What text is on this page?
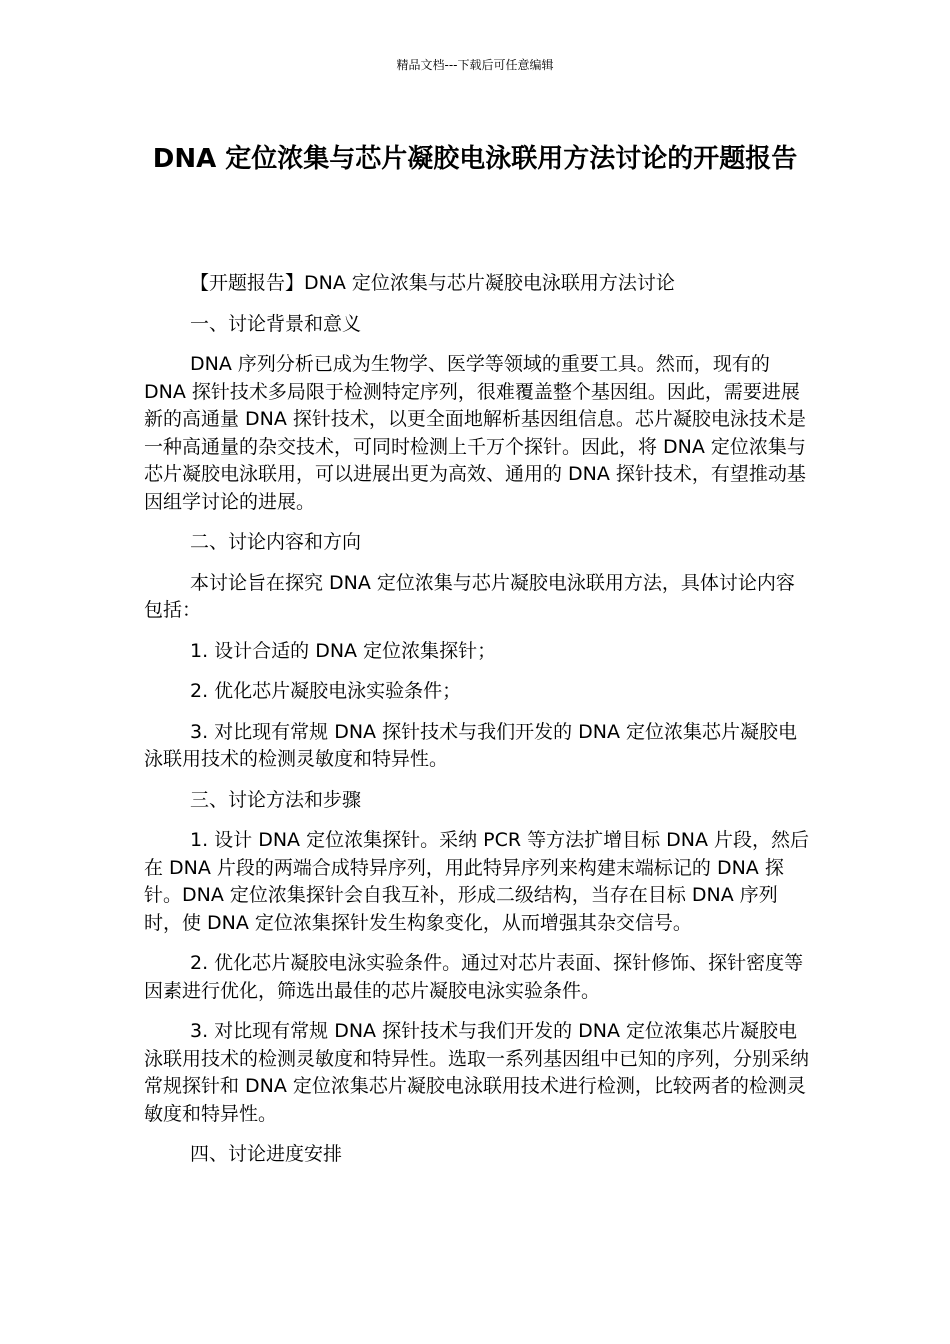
精品文档---下载后可任意编辑
DNA 定位浓集与芯片凝胶电泳联用方法讨论的开题报告

【开题报告】DNA 定位浓集与芯片凝胶电泳联用方法讨论

一、讨论背景和意义

DNA 序列分析已成为生物学、医学等领域的重要工具。然而，现有的 DNA 探针技术多局限于检测特定序列，很难覆盖整个基因组。因此，需要进展新的高通量 DNA 探针技术，以更全面地解析基因组信息。芯片凝胶电泳技术是一种高通量的杂交技术，可同时检测上千万个探针。因此，将 DNA 定位浓集与芯片凝胶电泳联用，可以进展出更为高效、通用的 DNA 探针技术，有望推动基因组学讨论的进展。

二、讨论内容和方向

本讨论旨在探究 DNA 定位浓集与芯片凝胶电泳联用方法，具体讨论内容包括：

1. 设计合适的 DNA 定位浓集探针；

2. 优化芯片凝胶电泳实验条件；

3. 对比现有常规 DNA 探针技术与我们开发的 DNA 定位浓集芯片凝胶电泳联用技术的检测灵敏度和特异性。

三、讨论方法和步骤

1. 设计 DNA 定位浓集探针。采纳 PCR 等方法扩增目标 DNA 片段，然后在 DNA 片段的两端合成特异序列，用此特异序列来构建末端标记的 DNA 探针。DNA 定位浓集探针会自我互补，形成二级结构，当存在目标 DNA 序列时，使 DNA 定位浓集探针发生构象变化，从而增强其杂交信号。

2. 优化芯片凝胶电泳实验条件。通过对芯片表面、探针修饰、探针密度等因素进行优化，筛选出最佳的芯片凝胶电泳实验条件。

3. 对比现有常规 DNA 探针技术与我们开发的 DNA 定位浓集芯片凝胶电泳联用技术的检测灵敏度和特异性。选取一系列基因组中已知的序列，分别采纳常规探针和 DNA 定位浓集芯片凝胶电泳联用技术进行检测，比较两者的检测灵敏度和特异性。

四、讨论进度安排
